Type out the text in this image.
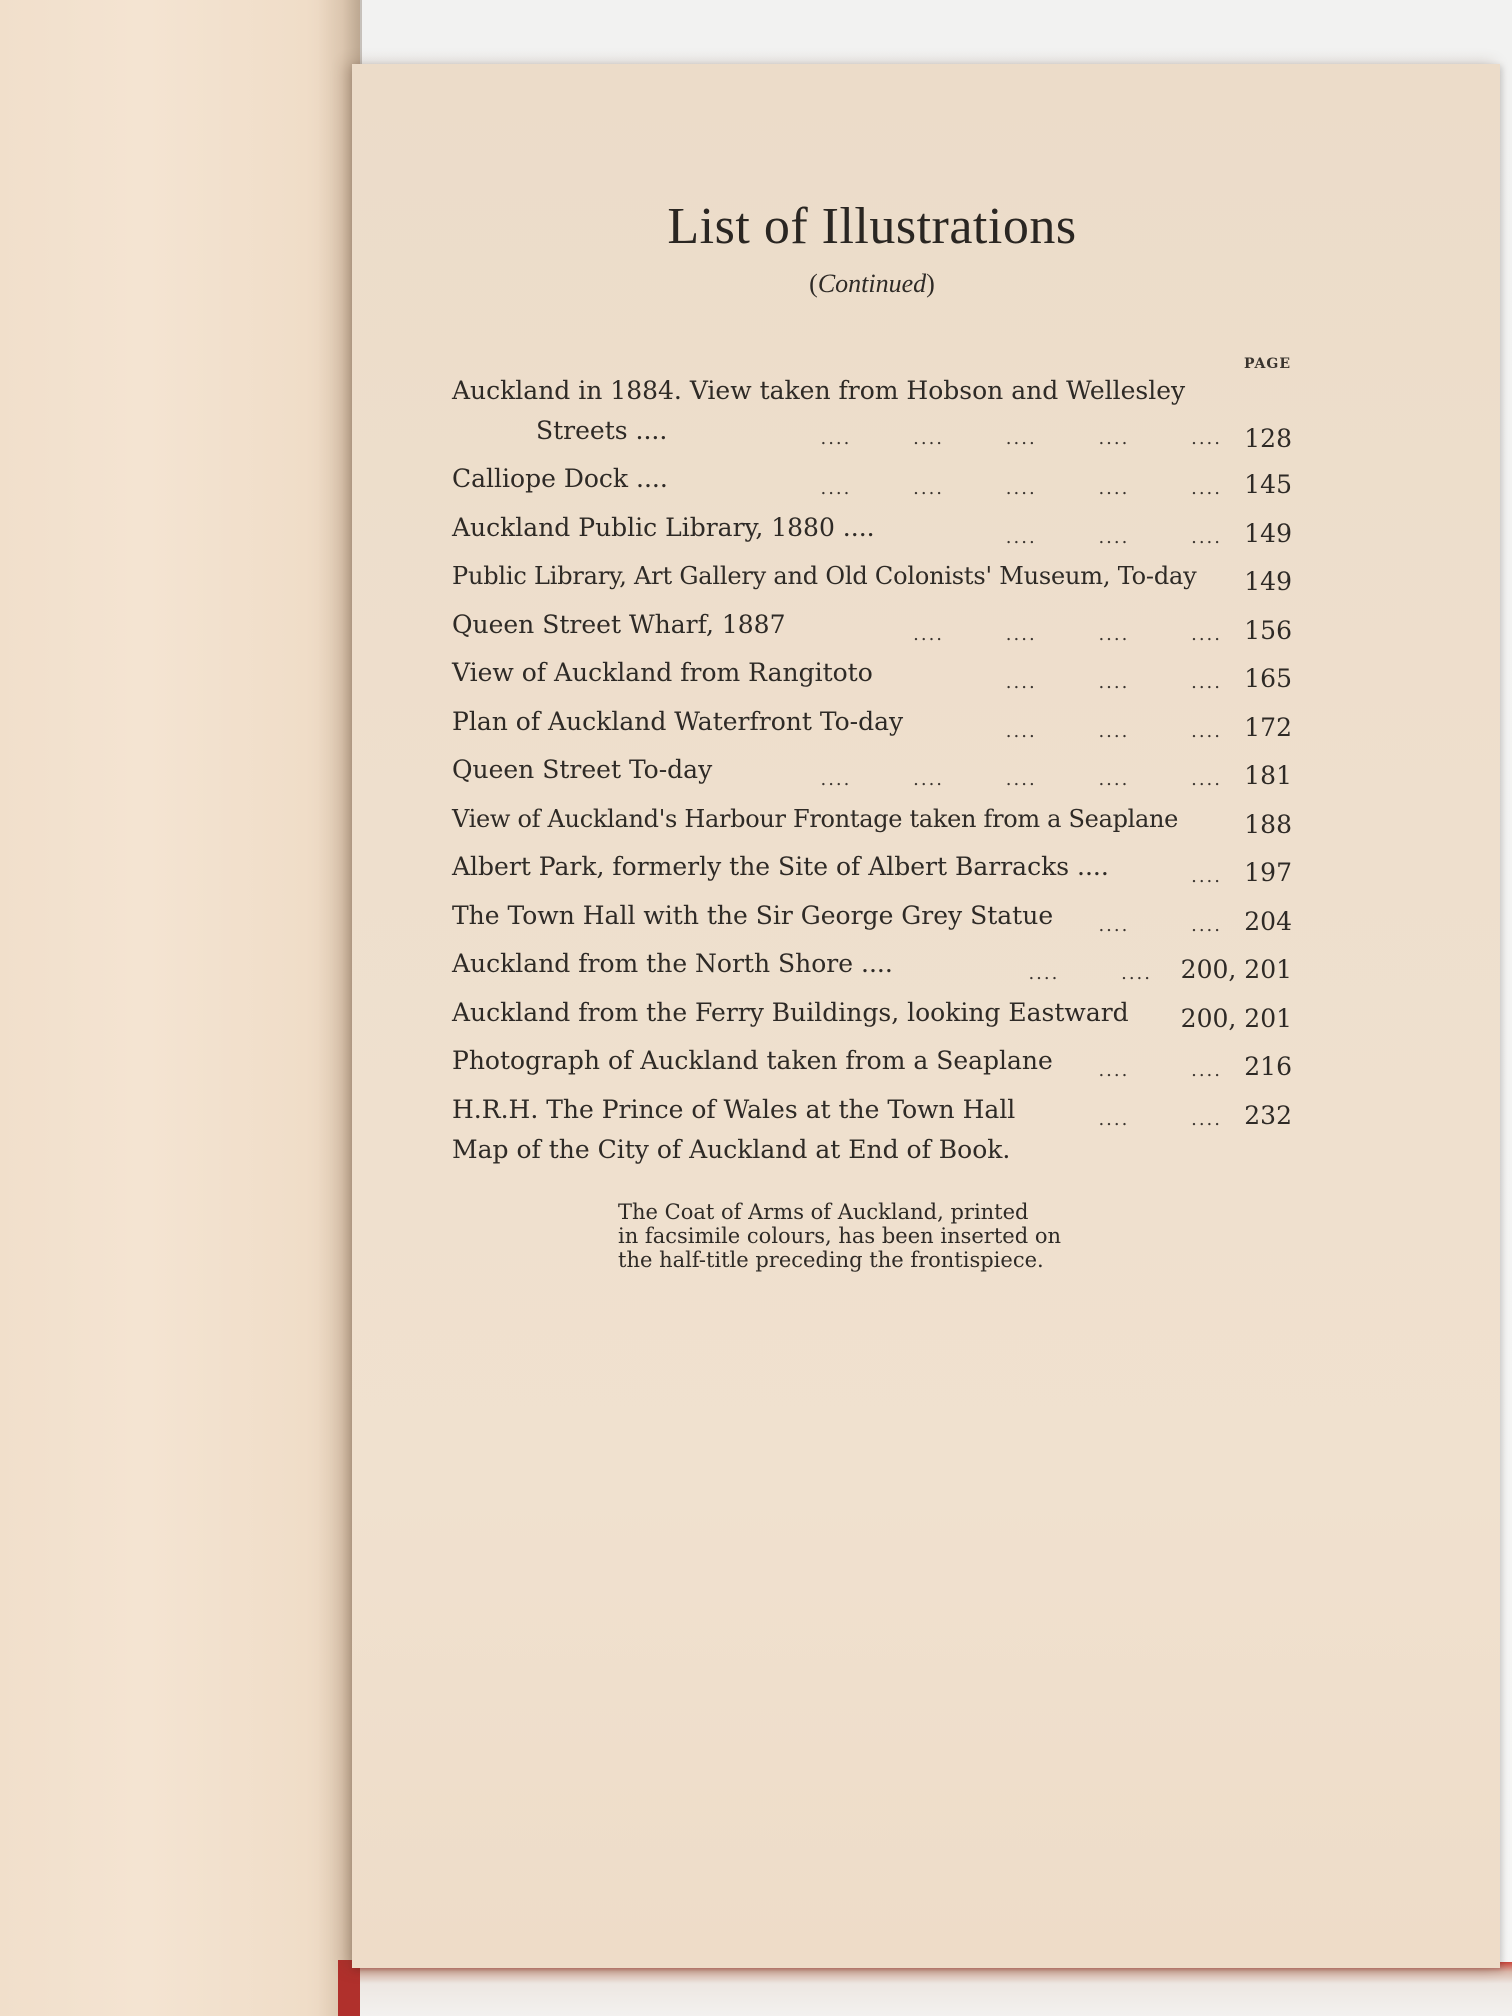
List of Illustrations
(Continued)
PAGE
Auckland in 1884. View taken from Hobson and Wellesley
Streets ....	....        ....        ....        ....        .... 128
Calliope Dock ....	....        ....        ....        ....        .... 145
Auckland Public Library, 1880 ....	....        ....        .... 149
Public Library, Art Gallery and Old Colonists' Museum, To-day 149
Queen Street Wharf, 1887	....        ....        ....        .... 156
View of Auckland from Rangitoto	....        ....        .... 165
Plan of Auckland Waterfront To-day	....        ....        .... 172
Queen Street To-day	....        ....        ....        ....        .... 181
View of Auckland's Harbour Frontage taken from a Seaplane	188
Albert Park, formerly the Site of Albert Barracks ....	.... 197
The Town Hall with the Sir George Grey Statue	....        .... 204
Auckland from the North Shore ....	....        .... 200, 201
Auckland from the Ferry Buildings, looking Eastward 200, 201
Photograph of Auckland taken from a Seaplane	....        .... 216
H.R.H. The Prince of Wales at the Town Hall	....        .... 232
Map of the City of Auckland at End of Book.
The Coat of Arms of Auckland, printed
in facsimile colours, has been inserted on
the half-title preceding the frontispiece.
